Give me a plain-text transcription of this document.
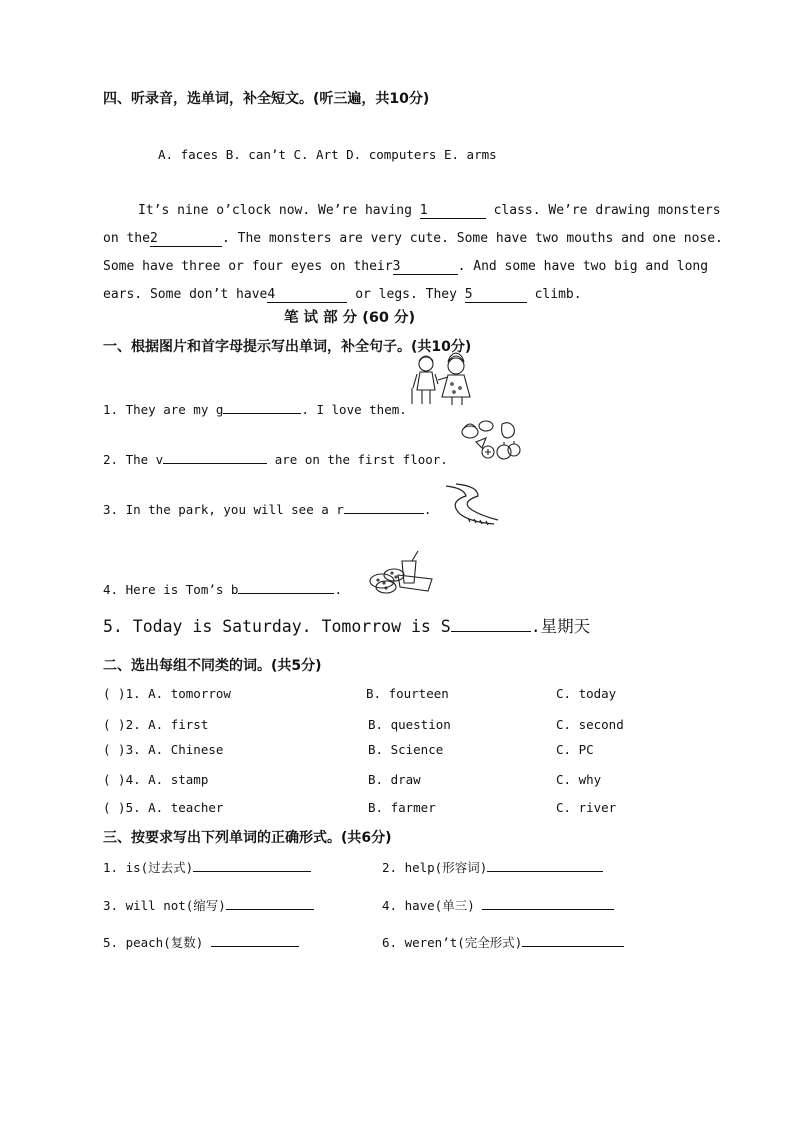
四、听录音，选单词，补全短文。(听三遍，共10分)
A. faces B. can’t C. Art D. computers E. arms
It’s nine o’clock now. We’re having 1	class. We’re drawing monsters
on the2	. The monsters are very cute. Some have two mouths and one nose.
Some have three or four eyes on their3	. And some have two big and long
ears. Some don’t have4	or legs. They 5	climb.
笔 试 部 分 (60 分)
一、根据图片和首字母提示写出单词，补全句子。(共10分)
1. They are my g	. I love them.
2. The v	are on the first floor.
3. In the park, you will see a r	.
4. Here is Tom’s b	.
5. Today is Saturday. Tomorrow is S	.星期天
二、选出每组不同类的词。(共5分)
( )1. A. tomorrow	B. fourteen	C. today
( )2. A. first	B. question	C. second
( )3. A. Chinese	B. Science	C. PC
( )4. A. stamp	B. draw	C. why
( )5. A. teacher	B. farmer	C. river
三、按要求写出下列单词的正确形式。(共6分)
1. is(过去式)	2. help(形容词)
3. will not(缩写)	4. have(单三)
5. peach(复数)	6. weren’t(完全形式)
